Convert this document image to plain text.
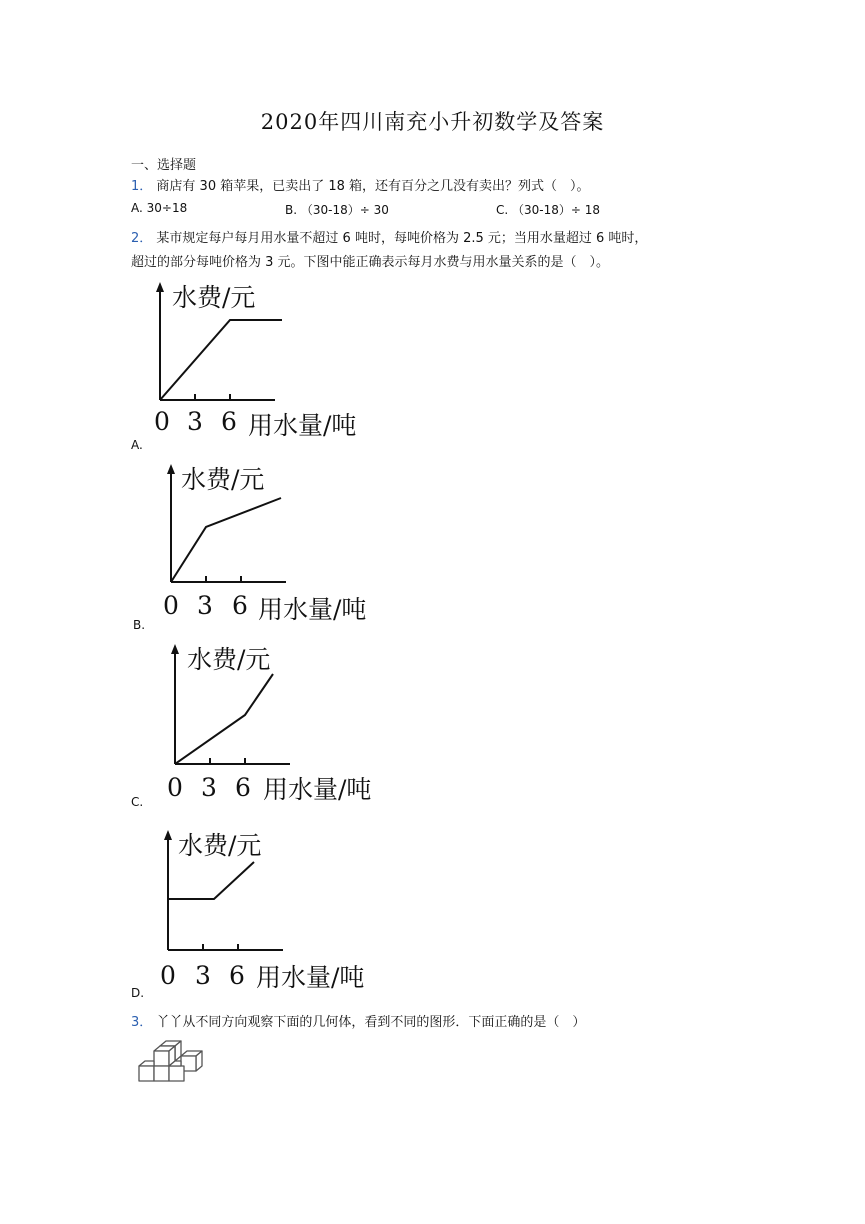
2020年四川南充小升初数学及答案
一、选择题
1． 商店有 30 箱苹果，已卖出了 18 箱，还有百分之几没有卖出？列式（　）。
A. 30÷18	B. （30-18）÷ 30	C. （30-18）÷ 18
2． 某市规定每户每月用水量不超过 6 吨时，每吨价格为 2.5 元；当用水量超过 6 吨时，
超过的部分每吨价格为 3 元。下图中能正确表示每月水费与用水量关系的是（　）。
水费/元
0 3 6 用水量/吨
A.
水费/元
0 3 6 用水量/吨
B.
水费/元
0 3 6 用水量/吨
C.
水费/元
0 3 6 用水量/吨
D.
3． 丫丫从不同方向观察下面的几何体，看到不同的图形．下面正确的是（　）
